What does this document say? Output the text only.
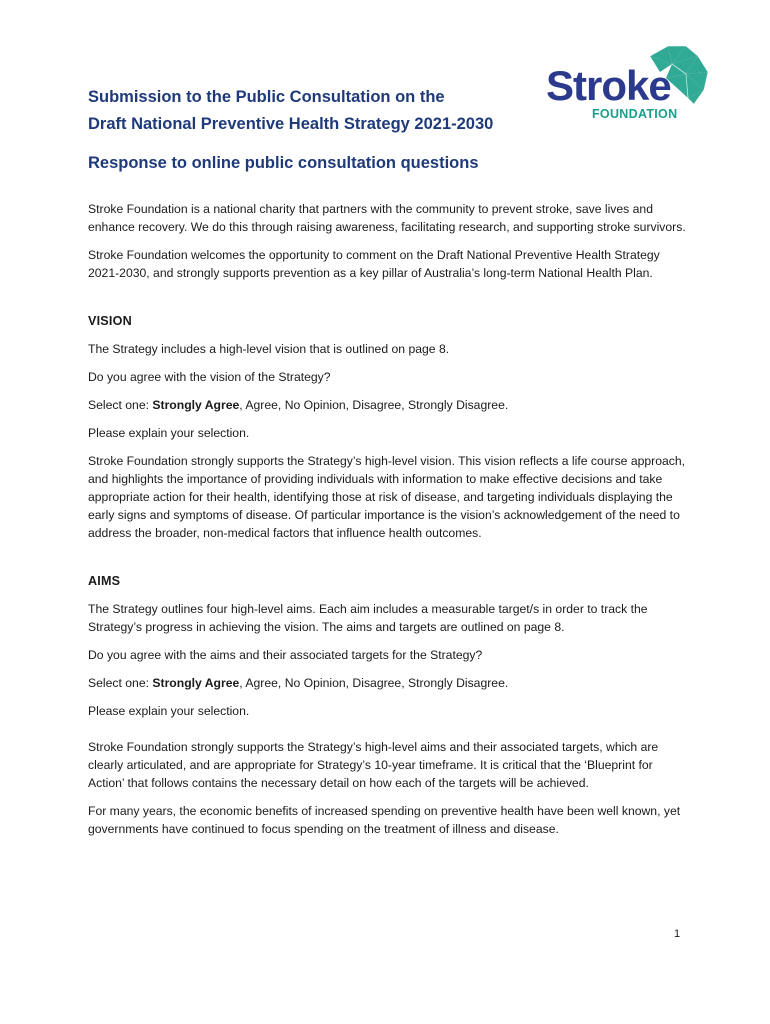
Stroke
FOUNDATION
Submission to the Public Consultation on the
Draft National Preventive Health Strategy 2021-2030
Response to online public consultation questions

Stroke Foundation is a national charity that partners with the community to prevent stroke, save lives and enhance recovery. We do this through raising awareness, facilitating research, and supporting stroke survivors.

Stroke Foundation welcomes the opportunity to comment on the Draft National Preventive Health Strategy 2021-2030, and strongly supports prevention as a key pillar of Australia’s long-term National Health Plan.

VISION

The Strategy includes a high-level vision that is outlined on page 8.

Do you agree with the vision of the Strategy?

Select one: Strongly Agree, Agree, No Opinion, Disagree, Strongly Disagree.

Please explain your selection.

Stroke Foundation strongly supports the Strategy’s high-level vision. This vision reflects a life course approach, and highlights the importance of providing individuals with information to make effective decisions and take appropriate action for their health, identifying those at risk of disease, and targeting individuals displaying the early signs and symptoms of disease. Of particular importance is the vision’s acknowledgement of the need to address the broader, non-medical factors that influence health outcomes.

AIMS

The Strategy outlines four high-level aims. Each aim includes a measurable target/s in order to track the Strategy’s progress in achieving the vision. The aims and targets are outlined on page 8.

Do you agree with the aims and their associated targets for the Strategy?

Select one: Strongly Agree, Agree, No Opinion, Disagree, Strongly Disagree.

Please explain your selection.

Stroke Foundation strongly supports the Strategy’s high-level aims and their associated targets, which are clearly articulated, and are appropriate for Strategy’s 10-year timeframe. It is critical that the ‘Blueprint for Action’ that follows contains the necessary detail on how each of the targets will be achieved.

For many years, the economic benefits of increased spending on preventive health have been well known, yet governments have continued to focus spending on the treatment of illness and disease.

1
